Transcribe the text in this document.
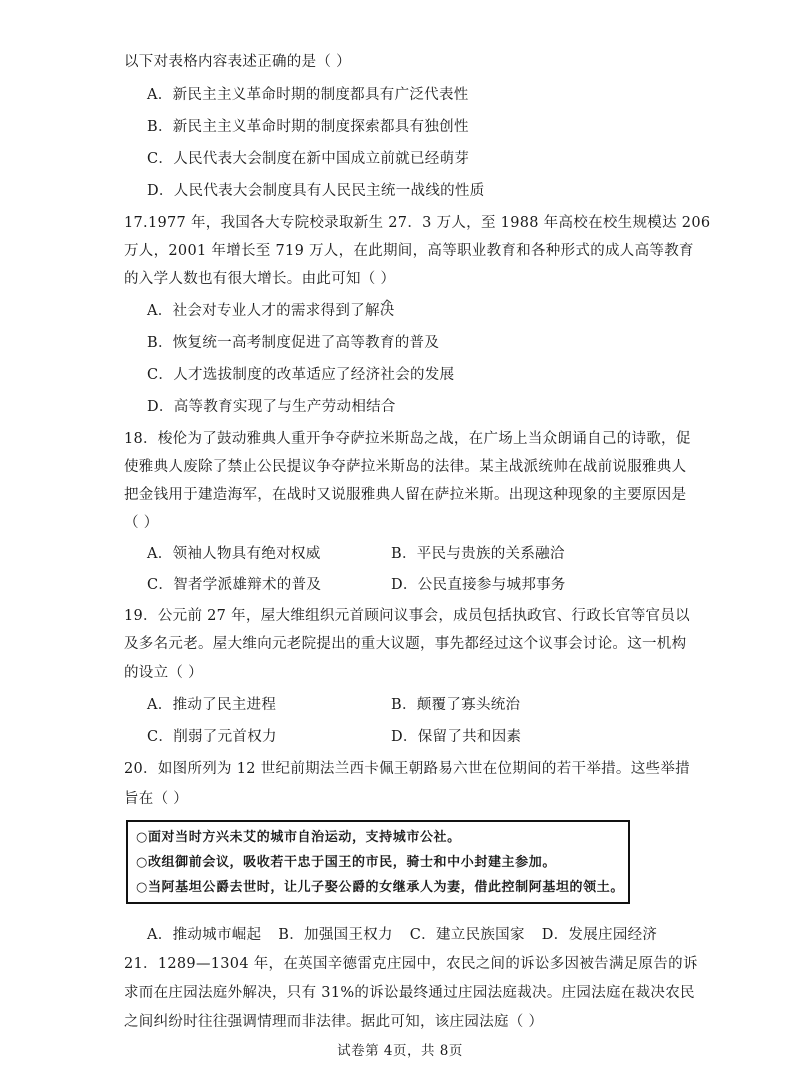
以下对表格内容表述正确的是（ ）
A．新民主主义革命时期的制度都具有广泛代表性
B．新民主主义革命时期的制度探索都具有独创性
C．人民代表大会制度在新中国成立前就已经萌芽
D．人民代表大会制度具有人民民主统一战线的性质
17.1977 年，我国各大专院校录取新生 27．3 万人，至 1988 年高校在校生规模达 206
万人，2001 年增长至 719 万人，在此期间，高等职业教育和各种形式的成人高等教育
的入学人数也有很大增长。由此可知（ ）
A．社会对专业人才的需求得到了解决
B．恢复统一高考制度促进了高等教育的普及
C．人才选拔制度的改革适应了经济社会的发展
D．高等教育实现了与生产劳动相结合
18．梭伦为了鼓动雅典人重开争夺萨拉米斯岛之战，在广场上当众朗诵自己的诗歌，促
使雅典人废除了禁止公民提议争夺萨拉米斯岛的法律。某主战派统帅在战前说服雅典人
把金钱用于建造海军，在战时又说服雅典人留在萨拉米斯。出现这种现象的主要原因是
（ ）
A．领袖人物具有绝对权威	B．平民与贵族的关系融洽
C．智者学派雄辩术的普及	D．公民直接参与城邦事务
19．公元前 27 年，屋大维组织元首顾问议事会，成员包括执政官、行政长官等官员以
及多名元老。屋大维向元老院提出的重大议题，事先都经过这个议事会讨论。这一机构
的设立（ ）
A．推动了民主进程	B．颠覆了寡头统治
C．削弱了元首权力	D．保留了共和因素
20．如图所列为 12 世纪前期法兰西卡佩王朝路易六世在位期间的若干举措。这些举措
旨在（ ）
○面对当时方兴未艾的城市自治运动，支持城市公社。
○改组御前会议，吸收若干忠于国王的市民，骑士和中小封建主参加。
○当阿基坦公爵去世时，让儿子娶公爵的女继承人为妻，借此控制阿基坦的领土。
A．推动城市崛起 B．加强国王权力 C．建立民族国家 D．发展庄园经济
21．1289—1304 年，在英国辛德雷克庄园中，农民之间的诉讼多因被告满足原告的诉
求而在庄园法庭外解决，只有 31%的诉讼最终通过庄园法庭裁决。庄园法庭在裁决农民
之间纠纷时往往强调情理而非法律。据此可知，该庄园法庭（ ）
试卷第 4页，共 8页
